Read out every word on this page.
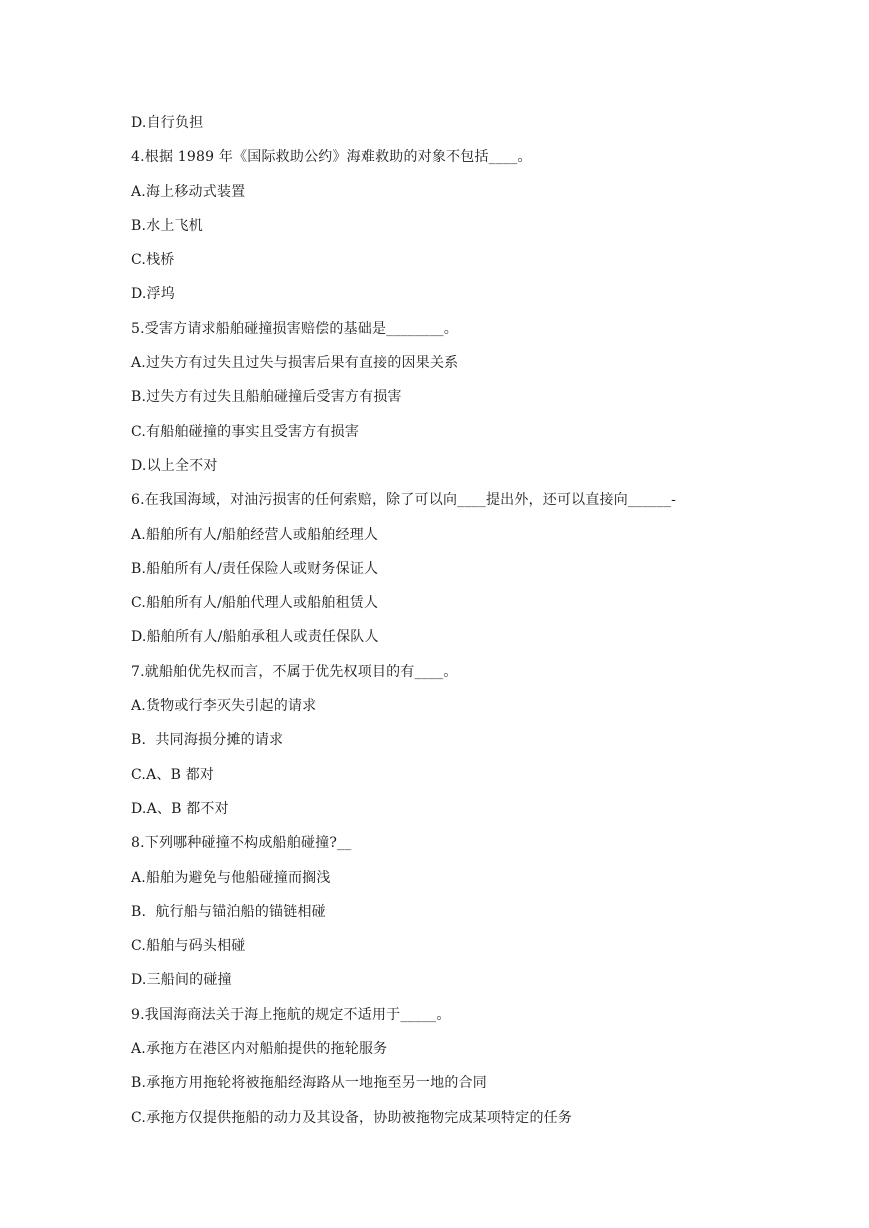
D.自行负担
4.根据 1989 年《国际救助公约》海难救助的对象不包括____。
A.海上移动式装置
B.水上飞机
C.栈桥
D.浮坞
5.受害方请求船舶碰撞损害赔偿的基础是________。
A.过失方有过失且过失与损害后果有直接的因果关系
B.过失方有过失且船舶碰撞后受害方有损害
C.有船舶碰撞的事实且受害方有损害
D.以上全不对
6.在我国海域，对油污损害的任何索赔，除了可以向____提出外，还可以直接向______-
A.船舶所有人/船舶经营人或船舶经理人
B.船舶所有人/责任保险人或财务保证人
C.船舶所有人/船舶代理人或船舶租赁人
D.船舶所有人/船舶承租人或责任保队人
7.就船舶优先权而言，不属于优先权项目的有____。
A.货物或行李灭失引起的请求
B.  共同海损分摊的请求
C.A、B 都对
D.A、B 都不对
8.下列哪种碰撞不构成船舶碰撞?__
A.船舶为避免与他船碰撞而搁浅
B.  航行船与锚泊船的锚链相碰
C.船舶与码头相碰
D.三船间的碰撞
9.我国海商法关于海上拖航的规定不适用于_____。
A.承拖方在港区内对船舶提供的拖轮服务
B.承拖方用拖轮将被拖船经海路从一地拖至另一地的合同
C.承拖方仅提供拖船的动力及其设备，协助被拖物完成某项特定的任务
